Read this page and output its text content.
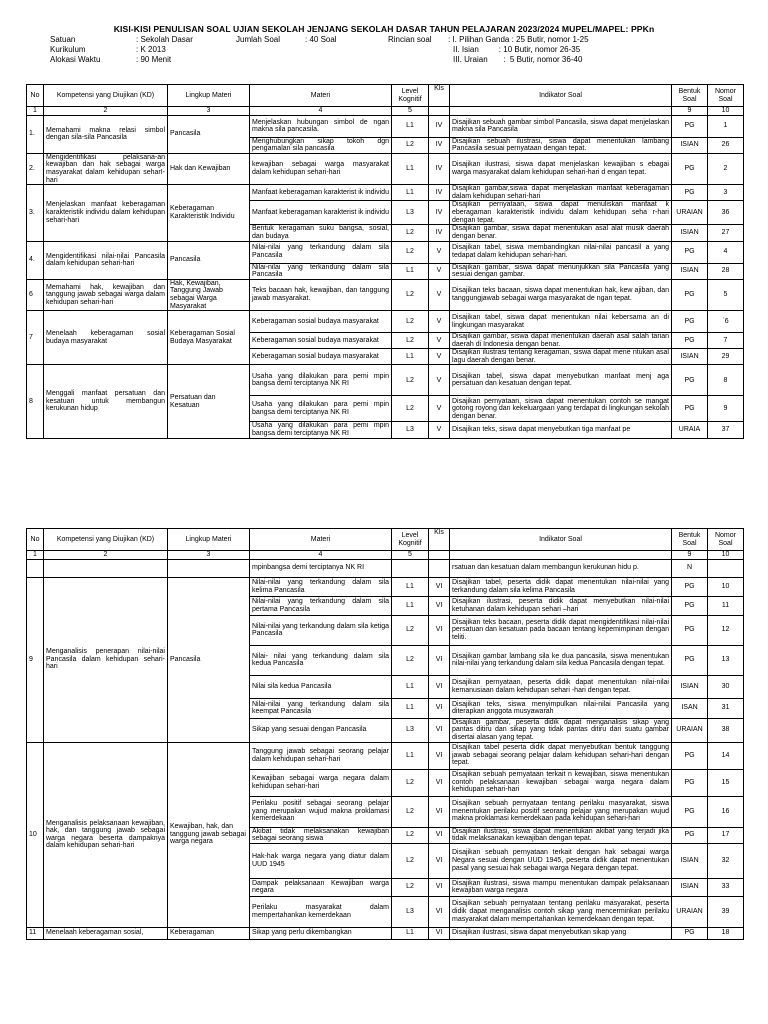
KISI-KISI PENULISAN SOAL UJIAN SEKOLAH JENJANG SEKOLAH DASAR TAHUN PELAJARAN 2023/2024 MUPEL/MAPEL: PPKn
Satuan
Kurikulum
Alokasi Waktu
: Sekolah Dasar
: K 2013
: 90 Menit
Jumlah Soal	: 40 Soal	Rincian soal	: I. Pilihan Ganda : 25 Butir, nomor 1-25
II. Isian         : 10 Butir, nomor 26-35
III. Uraian       :  5 Butir, nomor 36-40
No	Kompetensi yang Diujikan (KD)	Lingkup Materi	Materi	Level Kognitif	Kls	Indikator Soal	Bentuk Soal	Nomor Soal
1	2	3	4	5			9	10
1.	Memahami makna relasi simbol dengan sila-sila Pancasila	Pancasila	Menjelaskan hubungan simbol de ngan makna sila pancasila.	L1	IV	Disajikan sebuah gambar simbol Pancasila, siswa dapat menjelaskan makna sila Pancasila	PG	1
			Menghubungkan sikap tokoh dgn pengamalan sila pancasila	L2	IV	Disajikan sebuah ilustrasi, siswa dapat menentukan lambang Pancasila sesuai pernyataan dengan tepat.	ISIAN	26
2.	Mengidentifikasi pelaksana-an kewajiban dan hak sebagai warga masyarakat dalam kehidupan seharI-hari	Hak dan Kewajiban	kewajiban sebagai warga masyarakat dalam kehidupan sehari-hari	L1	IV	Disajikan ilustrasi, siswa dapat menjelaskan kewajiban s ebagai warga masyarakat dalam kehidupan sehari-hari d engan tepat.	PG	2
3.	Menjelaskan manfaat keberagaman karakteristik individu dalam kehidupan sehari-hari	Keberagaman Karakteristik Individu	Manfaat keberagaman karakterist ik individu	L1	IV	Disajikan gambar,siswa dapat menjelaskan manfaat keberagaman dalam kehidupan sehari-hari	PG	3
			Manfaat keberagaman karakterist ik individu	L3	IV	Disajikan pernyataan, siswa dapat menuliskan manfaat k eberagaman karakteristik individu dalam kehidupan seha r-hari dengan tepat.	URAIAN	36
			Bentuk keragaman suku bangsa, sosial, dan budaya	L2	IV	Disajikan gambar, siswa dapat menentukan asal alat musik daerah dengan benar.	ISIAN	27
4.	Mengidentifikasi nilai-nilai Pancasila dalam kehidupan sehari-hari	Pancasila	Nilai-nilai yang terkandung dalam sila Pancasila	L2	V	Disajikan tabel, siswa membandingkan nilai-nilai pancasil a yang tedapat dalam kehidupan sehari-hari.	PG	4
			Nilai-nilai yang terkandung dalam sila Pancasila	L1	V	Disajikan gambar, siswa dapat menunjukkan sila Pancasila yang sesuai dengan gambar.	ISIAN	28
6	Memahami hak, kewajiban dan tanggung jawab sebagai warga dalam kehidupan sehari-hari	Hak, Kewajiban, Tanggung Jawab sebagai Warga Masyarakat	Teks bacaan hak, kewajiban, dan tanggung jawab masyarakat.	L2	V	Disajikan teks bacaan, siswa dapat menentukan hak, kew ajiban, dan tanggungjawab sebagai warga masyarakat de ngan tepat.	PG	5
7	Menelaah keberagaman sosial budaya masyarakat	Keberagaman Sosial Budaya Masyarakat	Keberagaman sosial budaya masyarakat	L2	V	Disajikan tabel, siswa dapat menentukan nilai kebersama an di lingkungan masyarakat	PG	`6
			Keberagaman sosial budaya masyarakat	L2	V	Disajikan gambar, siswa dapat menentukan daerah asal salah tarian daerah di Indonesia dengan benar.	PG	7
			Keberagaman sosial budaya masyarakat	L1	V	Disajikan ilustrasi tentang keragaman, siswa dapat mene ntukan asal lagu daerah dengan benar.	ISIAN	29
8	Menggali manfaat persatuan dan kesatuan untuk membangun kerukunan hidup	Persatuan dan Kesatuan	Usaha yang dilakukan para pemi mpin bangsa demi terciptanya NK RI	L2	V	Disajikan tabel, siswa dapat menyebutkan manfaat menj aga persatuan dan kesatuan dengan tepat.	PG	8
			Usaha yang dilakukan para pemi mpin bangsa demi terciptanya NK RI	L2	V	Disajikan pernyataan, siswa dapat menentukan contoh se mangat gotong royong dan kekeluargaan yang terdapat di lingkungan sekolah dengan benar.	PG	9
			Usaha yang dilakukan para pemi mpin bangsa demi terciptanya NK RI	L3	V	Disajikan teks, siswa dapat menyebutkan tiga manfaat pe	URAIA	37
No	Kompetensi yang Diujikan (KD)	Lingkup Materi	Materi	Level Kognitif	Kls	Indikator Soal	Bentuk Soal	Nomor Soal
1	2	3	4	5			9	10
			mpinbangsa demi terciptanya NK RI			rsatuan dan kesatuan dalam membangun kerukunan hidu p.	N	
9	Menganalisis penerapan nilai-nilai Pancasila dalam kehidupan sehari-hari	Pancasila	Nilai-nilai yang terkandung dalam sila kelima Pancasila	L1	VI	Disajikan tabel, peserta didik dapat menentukan nilai-nilai yang terkandung dalam sila kelima Pancasila	PG	10
			Nilai-nilai yang terkandung dalam sila pertama Pancasila	L1	VI	Disajikan ilustrasi, peserta didik dapat menyebutkan nilai-nilai ketuhanan dalam kehidupan sehari –hari	PG	11
			Nilai-nilai yang terkandung dalam sila ketiga Pancasila	L2	VI	Disajikan teks bacaan, peserta didik dapat mengidentifikasi nilai-nilai persatuan dan kesatuan pada bacaan tentang kepemimpinan dengan teliti.	PG	12
			Nilai- nilai yang terkandung dalam sila kedua Pancasila	L2	VI	Disajikan gambar lambang sila ke dua pancasila, siswa menentukan nilai-nilai yang terkandung dalam sila kedua Pancasila dengan tepat.	PG	13
			Nilai sila kedua Pancasila	L1	VI	Disajikan pernyataan, peserta didik dapat menentukan nilai-nilai kemanusiaan dalam kehidupan sehari -hari dengan tepat.	ISIAN	30
			Nilai-nilai yang terkandung dalam sila keempat Pancasila	L1	VI	Disajikan teks, siswa menyimpulkan nilai-nilai Pancasila yang diterapkan anggota musyawarah	ISAN	31
			Sikap yang sesuai dengan Pancasila	L3	VI	Disajikan gambar, peserta didik dapat menganalisis sikap yang pantas ditiru dan sikap yang tidak pantas ditiru dari suatu gambar disertai alasan yang tepat.	URAIAN	38
10	Menganalisis pelaksanaan kewajiban, hak, dan tanggung jawab sebagai warga negara beserta dampaknya dalam kehidupan sehari-hari	Kewajiban, hak, dan tanggung jawab sebagai warga negara	Tanggung jawab sebagai seorang pelajar dalam kehidupan sehari-hari	L1	VI	Disajikan tabel peserta didik dapat menyebutkan bentuk tanggung jawab sebagai seorang pelajar dalam kehidupan sehari-hari dengan tepat.	PG	14
			Kewajiban sebagai warga negara dalam kehidupan sehari-hari	L2	VI	Disajikan sebuah pernyataan terkait n kewajiban, siswa menentukan contoh pelaksanaan kewajiban sebagai warga negara dalam kehidupan sehari-hari	PG	15
			Perilaku positif sebagai seorang pelajar yang merupakan wujud makna proklamasi kemerdekaan	L2	VI	Disajikan sebuah pernyataan tentang perilaku masyarakat, siswa menentukan perilaku positif seorang pelajar yang merupakan wujud makna proklamasi kemerdekaan pada kehidupan sehari-hari	PG	16
			Akibat tidak melaksanakan kewajiban sebagai seorang siswa	L2	VI	Disajikan ilustrasi, siswa dapat menentukan akibat yang terjadi jika tidak melaksanakan kewajiban dengan tepat.	PG	17
			Hak-hak warga negara yang diatur dalam UUD 1945	L2	VI	Disajikan sebuah pernyataan terkait dengan hak sebagai warga Negara sesuai dengan UUD 1945, peserta didik dapat menentukan pasal yang sesuai hak sebagai warga Negara dengan tepat.	ISIAN	32
			Dampak pelaksanaan Kewajiban warga negara	L2	VI	Disajikan ilustrasi, siswa mampu menentukan dampak pelaksanaan kewajiban warga negara	ISIAN	33
			Perilaku masyarakat dalam mempertahankan kemerdekaan	L3	VI	Disajikan sebuah pernyataan tentang perilaku masyarakat, peserta didik dapat menganalisis contoh sikap yang mencerminkan perilaku masyarakat dalam mempertahankan kemerdekaan dengan tepat.	URAIAN	39
11	Menelaah keberagaman sosial,	Keberagaman	Sikap yang perlu dikembangkan	L1	VI	Disajikan ilustrasi, siswa dapat menyebutkan sikap yang	PG	18
